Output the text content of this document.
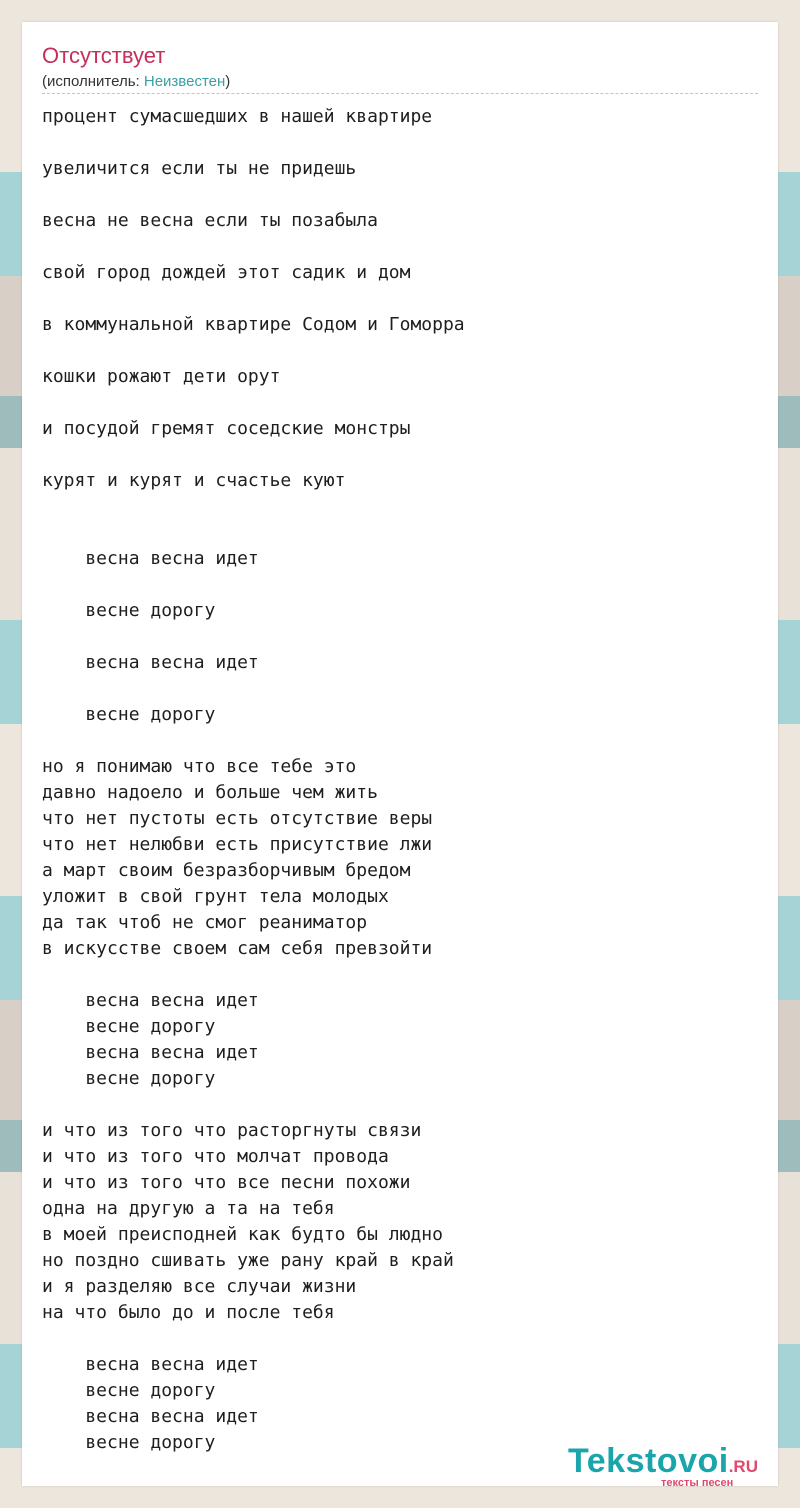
Отсутствует
(исполнитель: Неизвестен)
процент сумасшедших в нашей квартире

увеличится если ты не придешь

весна не весна если ты позабыла

свой город дождей этот садик и дом

в коммунальной квартире Содом и Гоморра

кошки рожают дети орут

и посудой гремят соседские монстры

курят и курят и счастье куют

весна весна идет

весне дорогу

весна весна идет

весне дорогу

но я понимаю что все тебе это
давно надоело и больше чем жить
что нет пустоты есть отсутствие веры
что нет нелюбви есть присутствие лжи
а март своим безразборчивым бредом
уложит в свой грунт тела молодых
да так чтоб не смог реаниматор
в искусстве своем сам себя превзойти

весна весна идет
весне дорогу
весна весна идет
весне дорогу

и что из того что расторгнуты связи
и что из того что молчат провода
и что из того что все песни похожи
одна на другую а та на тебя
в моей преисподней как будто бы людно
но поздно сшивать уже рану край в край
и я разделяю все случаи жизни
на что было до и после тебя

весна весна идет
весне дорогу
весна весна идет
весне дорогу	Tekstovoi.RU
тексты песен
